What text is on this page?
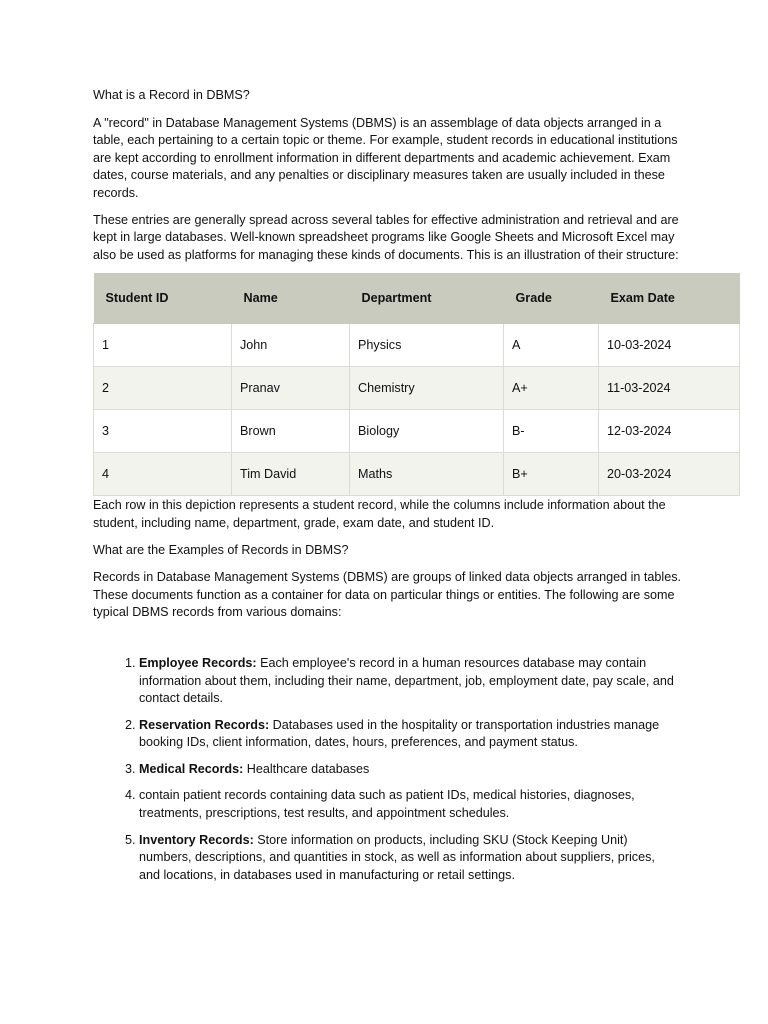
What is a Record in DBMS?

A "record" in Database Management Systems (DBMS) is an assemblage of data objects arranged in a table, each pertaining to a certain topic or theme. For example, student records in educational institutions are kept according to enrollment information in different departments and academic achievement. Exam dates, course materials, and any penalties or disciplinary measures taken are usually included in these records.

These entries are generally spread across several tables for effective administration and retrieval and are kept in large databases. Well-known spreadsheet programs like Google Sheets and Microsoft Excel may also be used as platforms for managing these kinds of documents. This is an illustration of their structure:

Student ID	Name	Department	Grade	Exam Date
1	John	Physics	A	10-03-2024
2	Pranav	Chemistry	A+	11-03-2024
3	Brown	Biology	B-	12-03-2024
4	Tim David	Maths	B+	20-03-2024

Each row in this depiction represents a student record, while the columns include information about the student, including name, department, grade, exam date, and student ID.

What are the Examples of Records in DBMS?

Records in Database Management Systems (DBMS) are groups of linked data objects arranged in tables. These documents function as a container for data on particular things or entities. The following are some typical DBMS records from various domains:

1. Employee Records: Each employee's record in a human resources database may contain information about them, including their name, department, job, employment date, pay scale, and contact details.
2. Reservation Records: Databases used in the hospitality or transportation industries manage booking IDs, client information, dates, hours, preferences, and payment status.
3. Medical Records: Healthcare databases
4. contain patient records containing data such as patient IDs, medical histories, diagnoses, treatments, prescriptions, test results, and appointment schedules.
5. Inventory Records: Store information on products, including SKU (Stock Keeping Unit) numbers, descriptions, and quantities in stock, as well as information about suppliers, prices, and locations, in databases used in manufacturing or retail settings.
